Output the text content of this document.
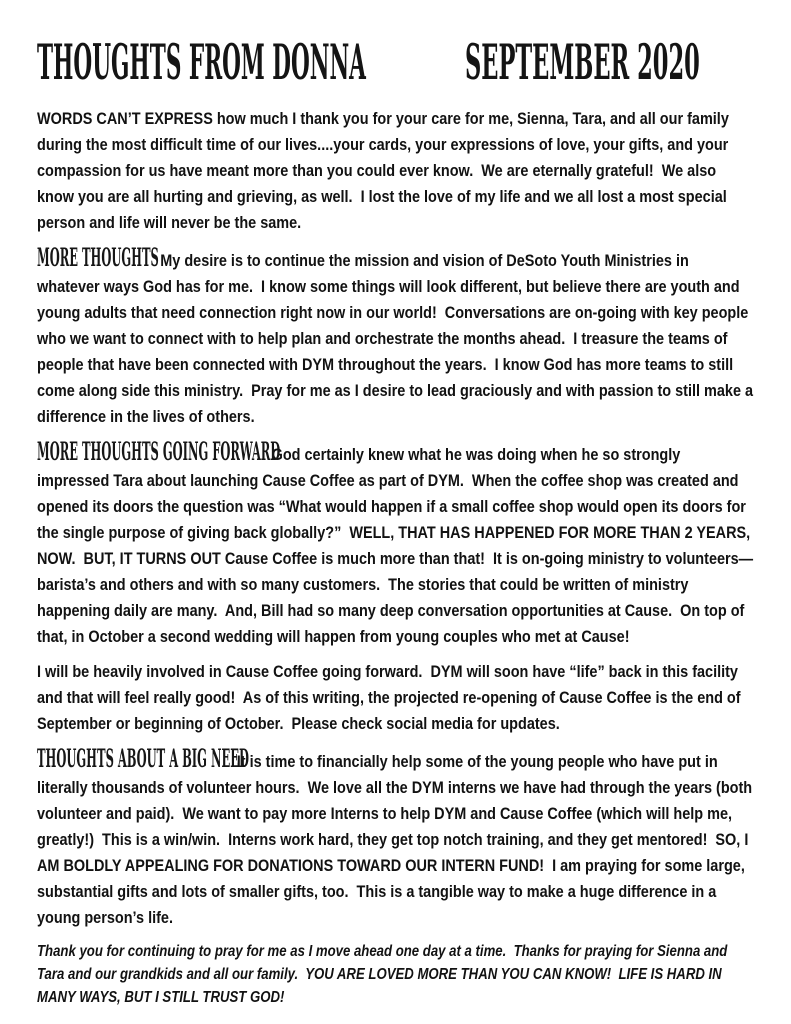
THOUGHTS FROM DONNA	SEPTEMBER 2020

WORDS CAN’T EXPRESS how much I thank you for your care for me, Sienna, Tara, and all our family during the most difficult time of our lives....your cards, your expressions of love, your gifts, and your compassion for us have meant more than you could ever know.  We are eternally grateful!  We also know you are all hurting and grieving, as well.  I lost the love of my life and we all lost a most special person and life will never be the same.

MORE THOUGHTSMy desire is to continue the mission and vision of DeSoto Youth Ministries in whatever ways God has for me.  I know some things will look different, but believe there are youth and young adults that need connection right now in our world!  Conversations are on-going with key people who we want to connect with to help plan and orchestrate the months ahead.  I treasure the teams of people that have been connected with DYM throughout the years.  I know God has more teams to still come along side this ministry.  Pray for me as I desire to lead graciously and with passion to still make a difference in the lives of others.

MORE THOUGHTS GOING FORWARDGod certainly knew what he was doing when he so strongly impressed Tara about launching Cause Coffee as part of DYM.  When the coffee shop was created and opened its doors the question was “What would happen if a small coffee shop would open its doors for the single purpose of giving back globally?”  WELL, THAT HAS HAPPENED FOR MORE THAN 2 YEARS, NOW.  BUT, IT TURNS OUT Cause Coffee is much more than that!  It is on-going ministry to volunteers—barista’s and others and with so many customers.  The stories that could be written of ministry happening daily are many.  And, Bill had so many deep conversation opportunities at Cause.  On top of that, in October a second wedding will happen from young couples who met at Cause!

I will be heavily involved in Cause Coffee going forward.  DYM will soon have “life” back in this facility and that will feel really good!  As of this writing, the projected re-opening of Cause Coffee is the end of September or beginning of October.  Please check social media for updates.

THOUGHTS ABOUT A BIG NEEDIt is time to financially help some of the young people who have put in literally thousands of volunteer hours.  We love all the DYM interns we have had through the years (both volunteer and paid).  We want to pay more Interns to help DYM and Cause Coffee (which will help me, greatly!)  This is a win/win.  Interns work hard, they get top notch training, and they get mentored!  SO, I AM BOLDLY APPEALING FOR DONATIONS TOWARD OUR INTERN FUND!  I am praying for some large, substantial gifts and lots of smaller gifts, too.  This is a tangible way to make a huge difference in a young person’s life.

Thank you for continuing to pray for me as I move ahead one day at a time.  Thanks for praying for Sienna and Tara and our grandkids and all our family.  YOU ARE LOVED MORE THAN YOU CAN KNOW!  LIFE IS HARD IN MANY WAYS, BUT I STILL TRUST GOD!
